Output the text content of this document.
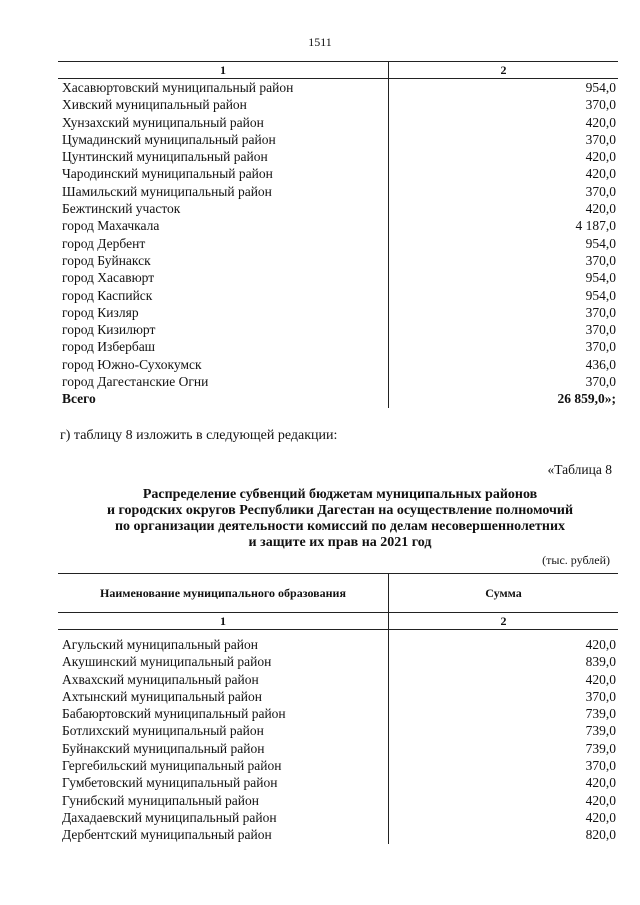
1511
1	2
Хасавюртовский муниципальный район	954,0
Хивский муниципальный район	370,0
Хунзахский муниципальный район	420,0
Цумадинский муниципальный район	370,0
Цунтинский муниципальный район	420,0
Чародинский муниципальный район	420,0
Шамильский муниципальный район	370,0
Бежтинский участок	420,0
город Махачкала	4 187,0
город Дербент	954,0
город Буйнакск	370,0
город Хасавюрт	954,0
город Каспийск	954,0
город Кизляр	370,0
город Кизилюрт	370,0
город Избербаш	370,0
город Южно-Сухокумск	436,0
город Дагестанские Огни	370,0
Всего	26 859,0»;
г) таблицу 8 изложить в следующей редакции:
«Таблица 8
Распределение субвенций бюджетам муниципальных районов
и городских округов Республики Дагестан на осуществление полномочий
по организации деятельности комиссий по делам несовершеннолетних
и защите их прав на 2021 год
(тыс. рублей)
Наименование муниципального образования	Сумма
1	2

Агульский муниципальный район	420,0
Акушинский муниципальный район	839,0
Ахвахский муниципальный район	420,0
Ахтынский муниципальный район	370,0
Бабаюртовский муниципальный район	739,0
Ботлихский муниципальный район	739,0
Буйнакский муниципальный район	739,0
Гергебильский муниципальный район	370,0
Гумбетовский муниципальный район	420,0
Гунибский муниципальный район	420,0
Дахадаевский муниципальный район	420,0
Дербентский муниципальный район	820,0
